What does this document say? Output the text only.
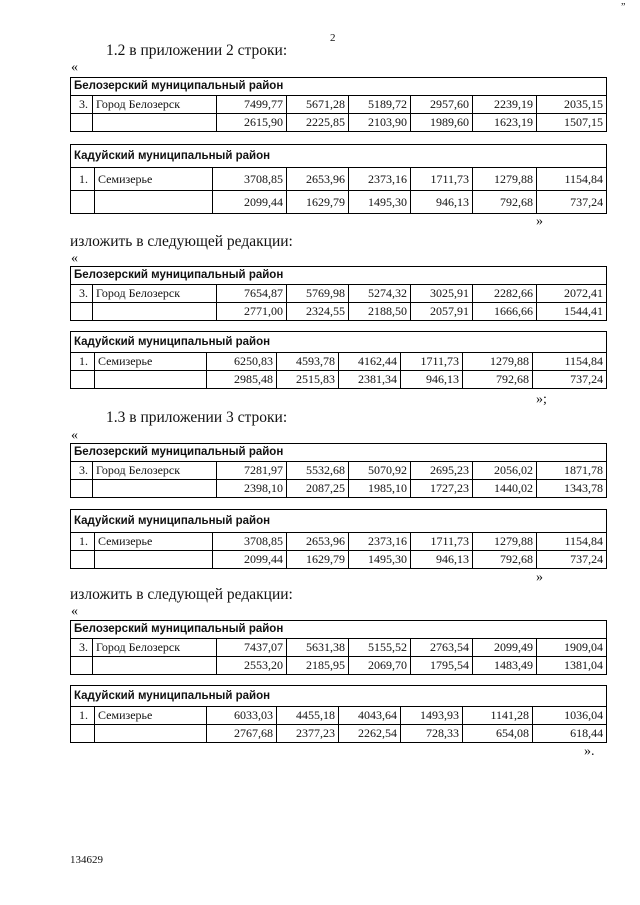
„
2
1.2 в приложении 2 строки:
«
Белозерский муниципальный район							
3.	Город Белозерск	7499,77	5671,28	5189,72	2957,60	2239,19	2035,15
		2615,90	2225,85	2103,90	1989,60	1623,19	1507,15
Кадуйский муниципальный район							
1.	Семизерье	3708,85	2653,96	2373,16	1711,73	1279,88	1154,84
		2099,44	1629,79	1495,30	946,13	792,68	737,24
»
изложить в следующей редакции:
«
Белозерский муниципальный район							
3.	Город Белозерск	7654,87	5769,98	5274,32	3025,91	2282,66	2072,41
		2771,00	2324,55	2188,50	2057,91	1666,66	1544,41
Кадуйский муниципальный район							
1.	Семизерье	6250,83	4593,78	4162,44	1711,73	1279,88	1154,84
		2985,48	2515,83	2381,34	946,13	792,68	737,24
»;
1.3 в приложении 3 строки:
«
Белозерский муниципальный район							
3.	Город Белозерск	7281,97	5532,68	5070,92	2695,23	2056,02	1871,78
		2398,10	2087,25	1985,10	1727,23	1440,02	1343,78
Кадуйский муниципальный район							
1.	Семизерье	3708,85	2653,96	2373,16	1711,73	1279,88	1154,84
		2099,44	1629,79	1495,30	946,13	792,68	737,24
»
изложить в следующей редакции:
«
Белозерский муниципальный район							
3.	Город Белозерск	7437,07	5631,38	5155,52	2763,54	2099,49	1909,04
		2553,20	2185,95	2069,70	1795,54	1483,49	1381,04
Кадуйский муниципальный район							
1.	Семизерье	6033,03	4455,18	4043,64	1493,93	1141,28	1036,04
		2767,68	2377,23	2262,54	728,33	654,08	618,44
».
134629
